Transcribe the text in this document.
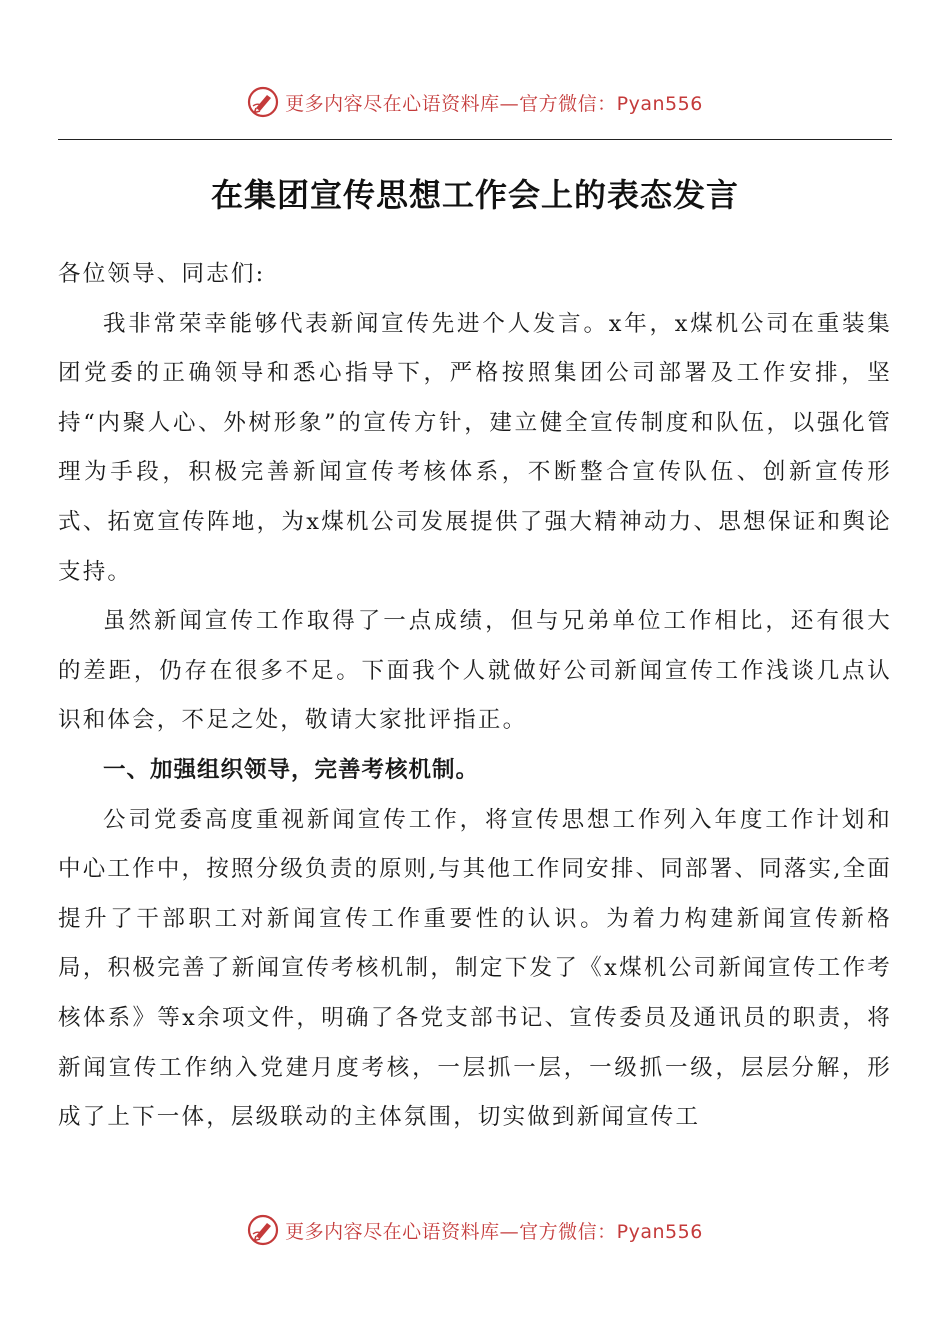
更多内容尽在心语资料库—官方微信：Pyan556
在集团宣传思想工作会上的表态发言

各位领导、同志们:

我非常荣幸能够代表新闻宣传先进个人发言。x年，x煤机公司在重装集团党委的正确领导和悉心指导下，严格按照集团公司部署及工作安排，坚持“内聚人心、外树形象”的宣传方针，建立健全宣传制度和队伍，以强化管理为手段，积极完善新闻宣传考核体系，不断整合宣传队伍、创新宣传形式、拓宽宣传阵地，为x煤机公司发展提供了强大精神动力、思想保证和舆论支持。

虽然新闻宣传工作取得了一点成绩，但与兄弟单位工作相比，还有很大的差距，仍存在很多不足。下面我个人就做好公司新闻宣传工作浅谈几点认识和体会，不足之处，敬请大家批评指正。

一、加强组织领导，完善考核机制。

公司党委高度重视新闻宣传工作，将宣传思想工作列入年度工作计划和中心工作中，按照分级负责的原则,与其他工作同安排、同部署、同落实,全面提升了干部职工对新闻宣传工作重要性的认识。为着力构建新闻宣传新格局，积极完善了新闻宣传考核机制，制定下发了《x煤机公司新闻宣传工作考核体系》等x余项文件，明确了各党支部书记、宣传委员及通讯员的职责，将新闻宣传工作纳入党建月度考核，一层抓一层，一级抓一级，层层分解，形成了上下一体，层级联动的主体氛围，切实做到新闻宣传工

更多内容尽在心语资料库—官方微信：Pyan556
